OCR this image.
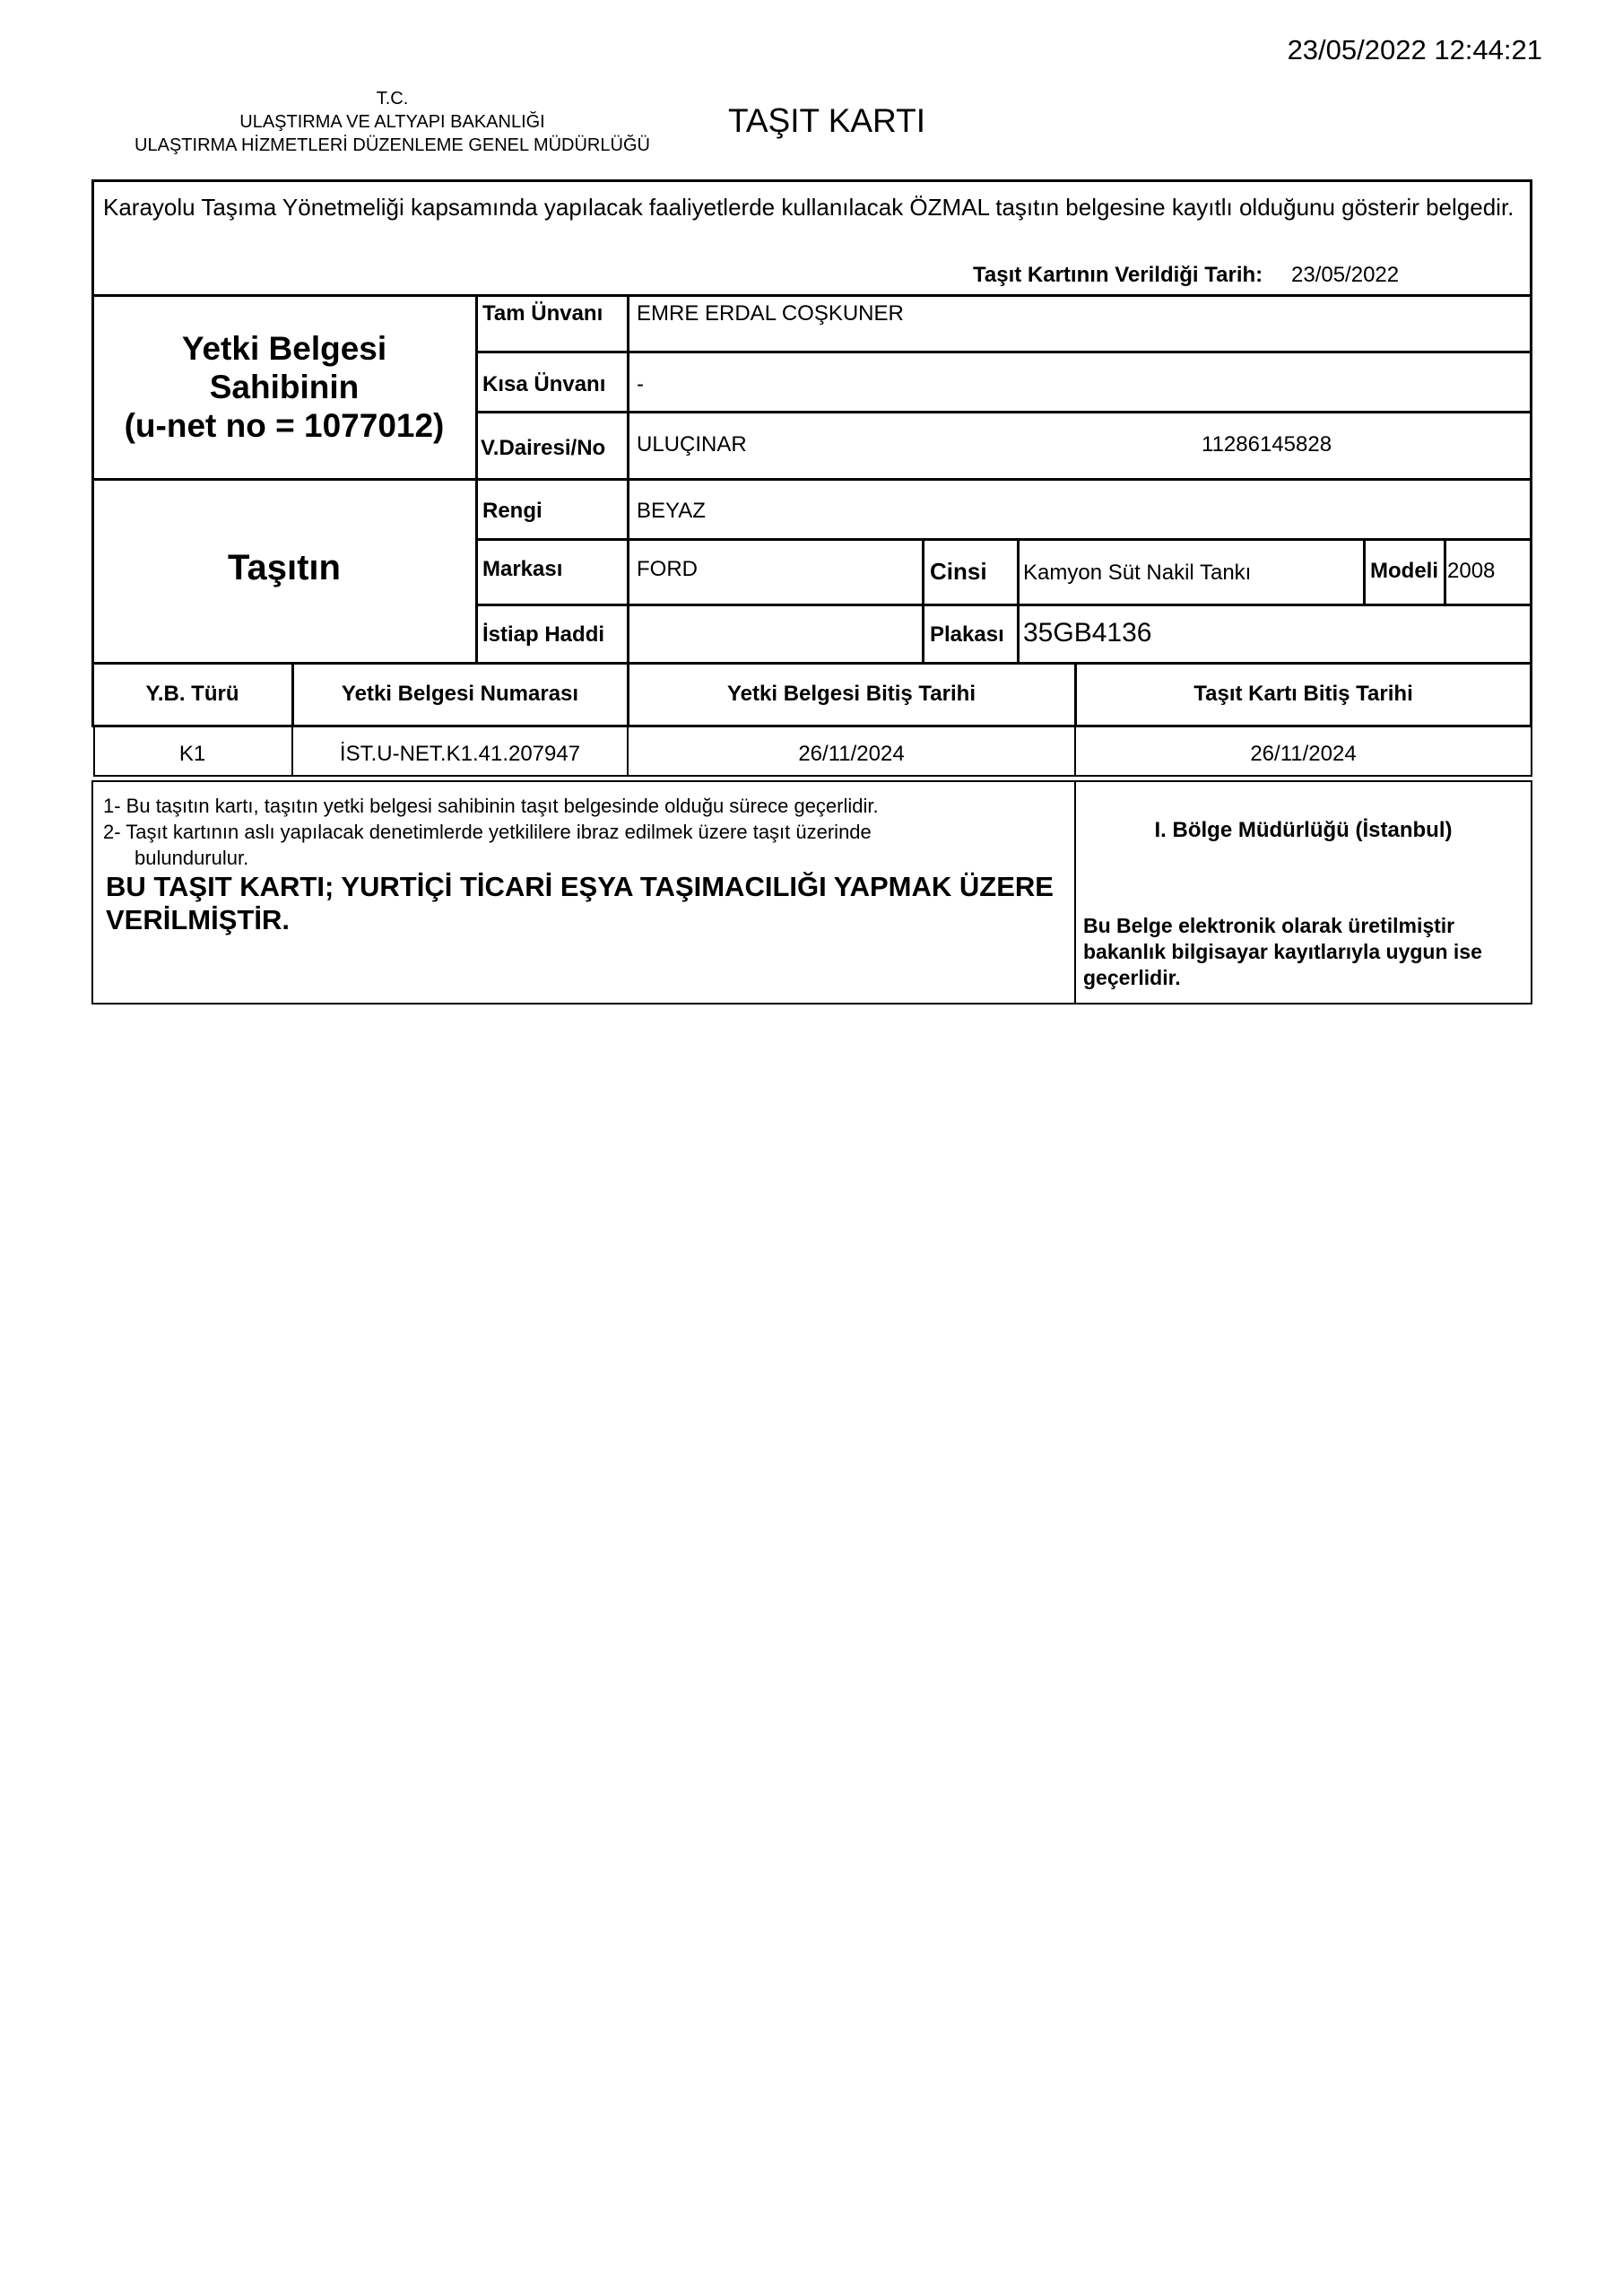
23/05/2022 12:44:21
T.C.
ULAŞTIRMA VE ALTYAPI BAKANLIĞI
ULAŞTIRMA HİZMETLERİ DÜZENLEME GENEL MÜDÜRLÜĞÜ
TAŞIT KARTI
Karayolu Taşıma Yönetmeliği kapsamında yapılacak faaliyetlerde kullanılacak ÖZMAL taşıtın belgesine kayıtlı olduğunu gösterir belgedir.
Taşıt Kartının Verildiği Tarih: 23/05/2022
Yetki Belgesi
Sahibinin
(u-net no = 1077012)
Tam Ünvanı EMRE ERDAL COŞKUNER
Kısa Ünvanı -
V.Dairesi/No ULUÇINAR	11286145828
Taşıtın
Rengi	BEYAZ
Markası	FORD	Cinsi Kamyon Süt Nakil Tankı	Modeli 2008
İstiap Haddi	Plakası 35GB4136
Y.B. Türü	Yetki Belgesi Numarası	Yetki Belgesi Bitiş Tarihi	Taşıt Kartı Bitiş Tarihi
K1	İST.U-NET.K1.41.207947	26/11/2024	26/11/2024
1- Bu taşıtın kartı, taşıtın yetki belgesi sahibinin taşıt belgesinde olduğu sürece geçerlidir.
2- Taşıt kartının aslı yapılacak denetimlerde yetkililere ibraz edilmek üzere taşıt üzerinde
bulundurulur.
BU TAŞIT KARTI; YURTİÇİ TİCARİ EŞYA TAŞIMACILIĞI YAPMAK ÜZERE
VERİLMİŞTİR.
I. Bölge Müdürlüğü (İstanbul)
Bu Belge elektronik olarak üretilmiştir
bakanlık bilgisayar kayıtlarıyla uygun ise
geçerlidir.
